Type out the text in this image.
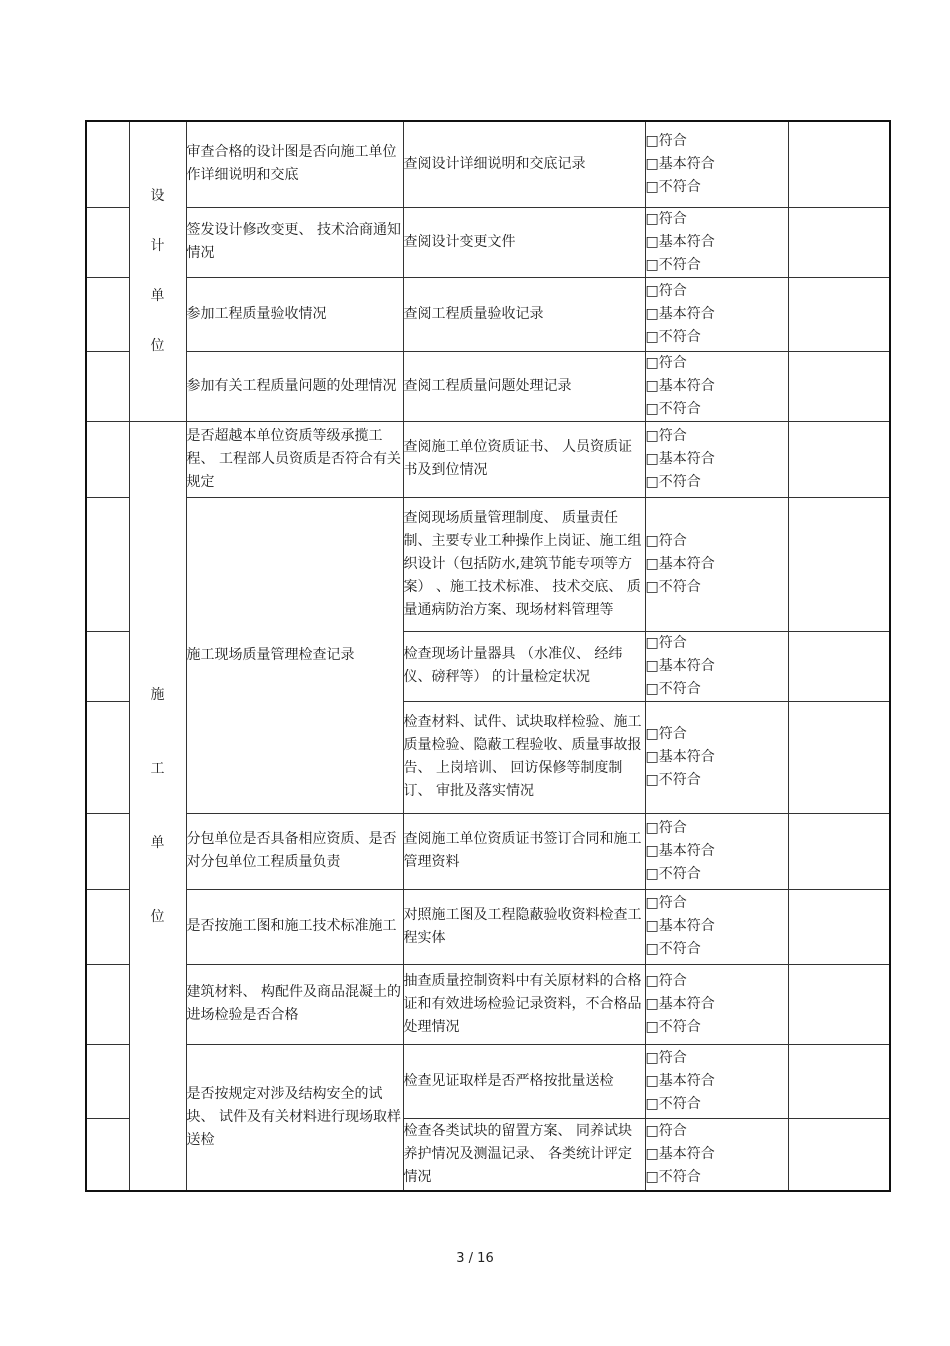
	设计单位	审查合格的设计图是否向施工单位作详细说明和交底	查阅设计详细说明和交底记录	□符合
□基本符合
□不符合	

		签发设计修改变更、 技术洽商通知情况	查阅设计变更文件	□符合
□基本符合
□不符合	

		参加工程质量验收情况	查阅工程质量验收记录	□符合
□基本符合
□不符合	

		参加有关工程质量问题的处理情况	查阅工程质量问题处理记录	□符合
□基本符合
□不符合	

	施工单位	是否超越本单位资质等级承揽工程、 工程部人员资质是否符合有关规定	查阅施工单位资质证书、 人员资质证书及到位情况	□符合
□基本符合
□不符合	

		施工现场质量管理检查记录	查阅现场质量管理制度、 质量责任制、主要专业工种操作上岗证、施工组织设计（包括防水,建筑节能专项等方案） 、施工技术标准、 技术交底、 质量通病防治方案、现场材料管理等	□符合
□基本符合
□不符合	

			检查现场计量器具 （水准仪、 经纬仪、磅秤等） 的计量检定状况	□符合
□基本符合
□不符合	

			检查材料、试件、试块取样检验、施工质量检验、隐蔽工程验收、质量事故报告、 上岗培训、 回访保修等制度制订、 审批及落实情况	□符合
□基本符合
□不符合	

		分包单位是否具备相应资质、是否对分包单位工程质量负责	查阅施工单位资质证书签订合同和施工管理资料	□符合
□基本符合
□不符合	

		是否按施工图和施工技术标准施工	对照施工图及工程隐蔽验收资料检查工程实体	□符合
□基本符合
□不符合	

		建筑材料、 构配件及商品混凝土的进场检验是否合格	抽查质量控制资料中有关原材料的合格证和有效进场检验记录资料，不合格品处理情况	□符合
□基本符合
□不符合	

		是否按规定对涉及结构安全的试块、 试件及有关材料进行现场取样送检	检查见证取样是否严格按批量送检	□符合
□基本符合
□不符合	

			检查各类试块的留置方案、 同养试块养护情况及测温记录、 各类统计评定情况	□符合
□基本符合
□不符合	

3 / 16
